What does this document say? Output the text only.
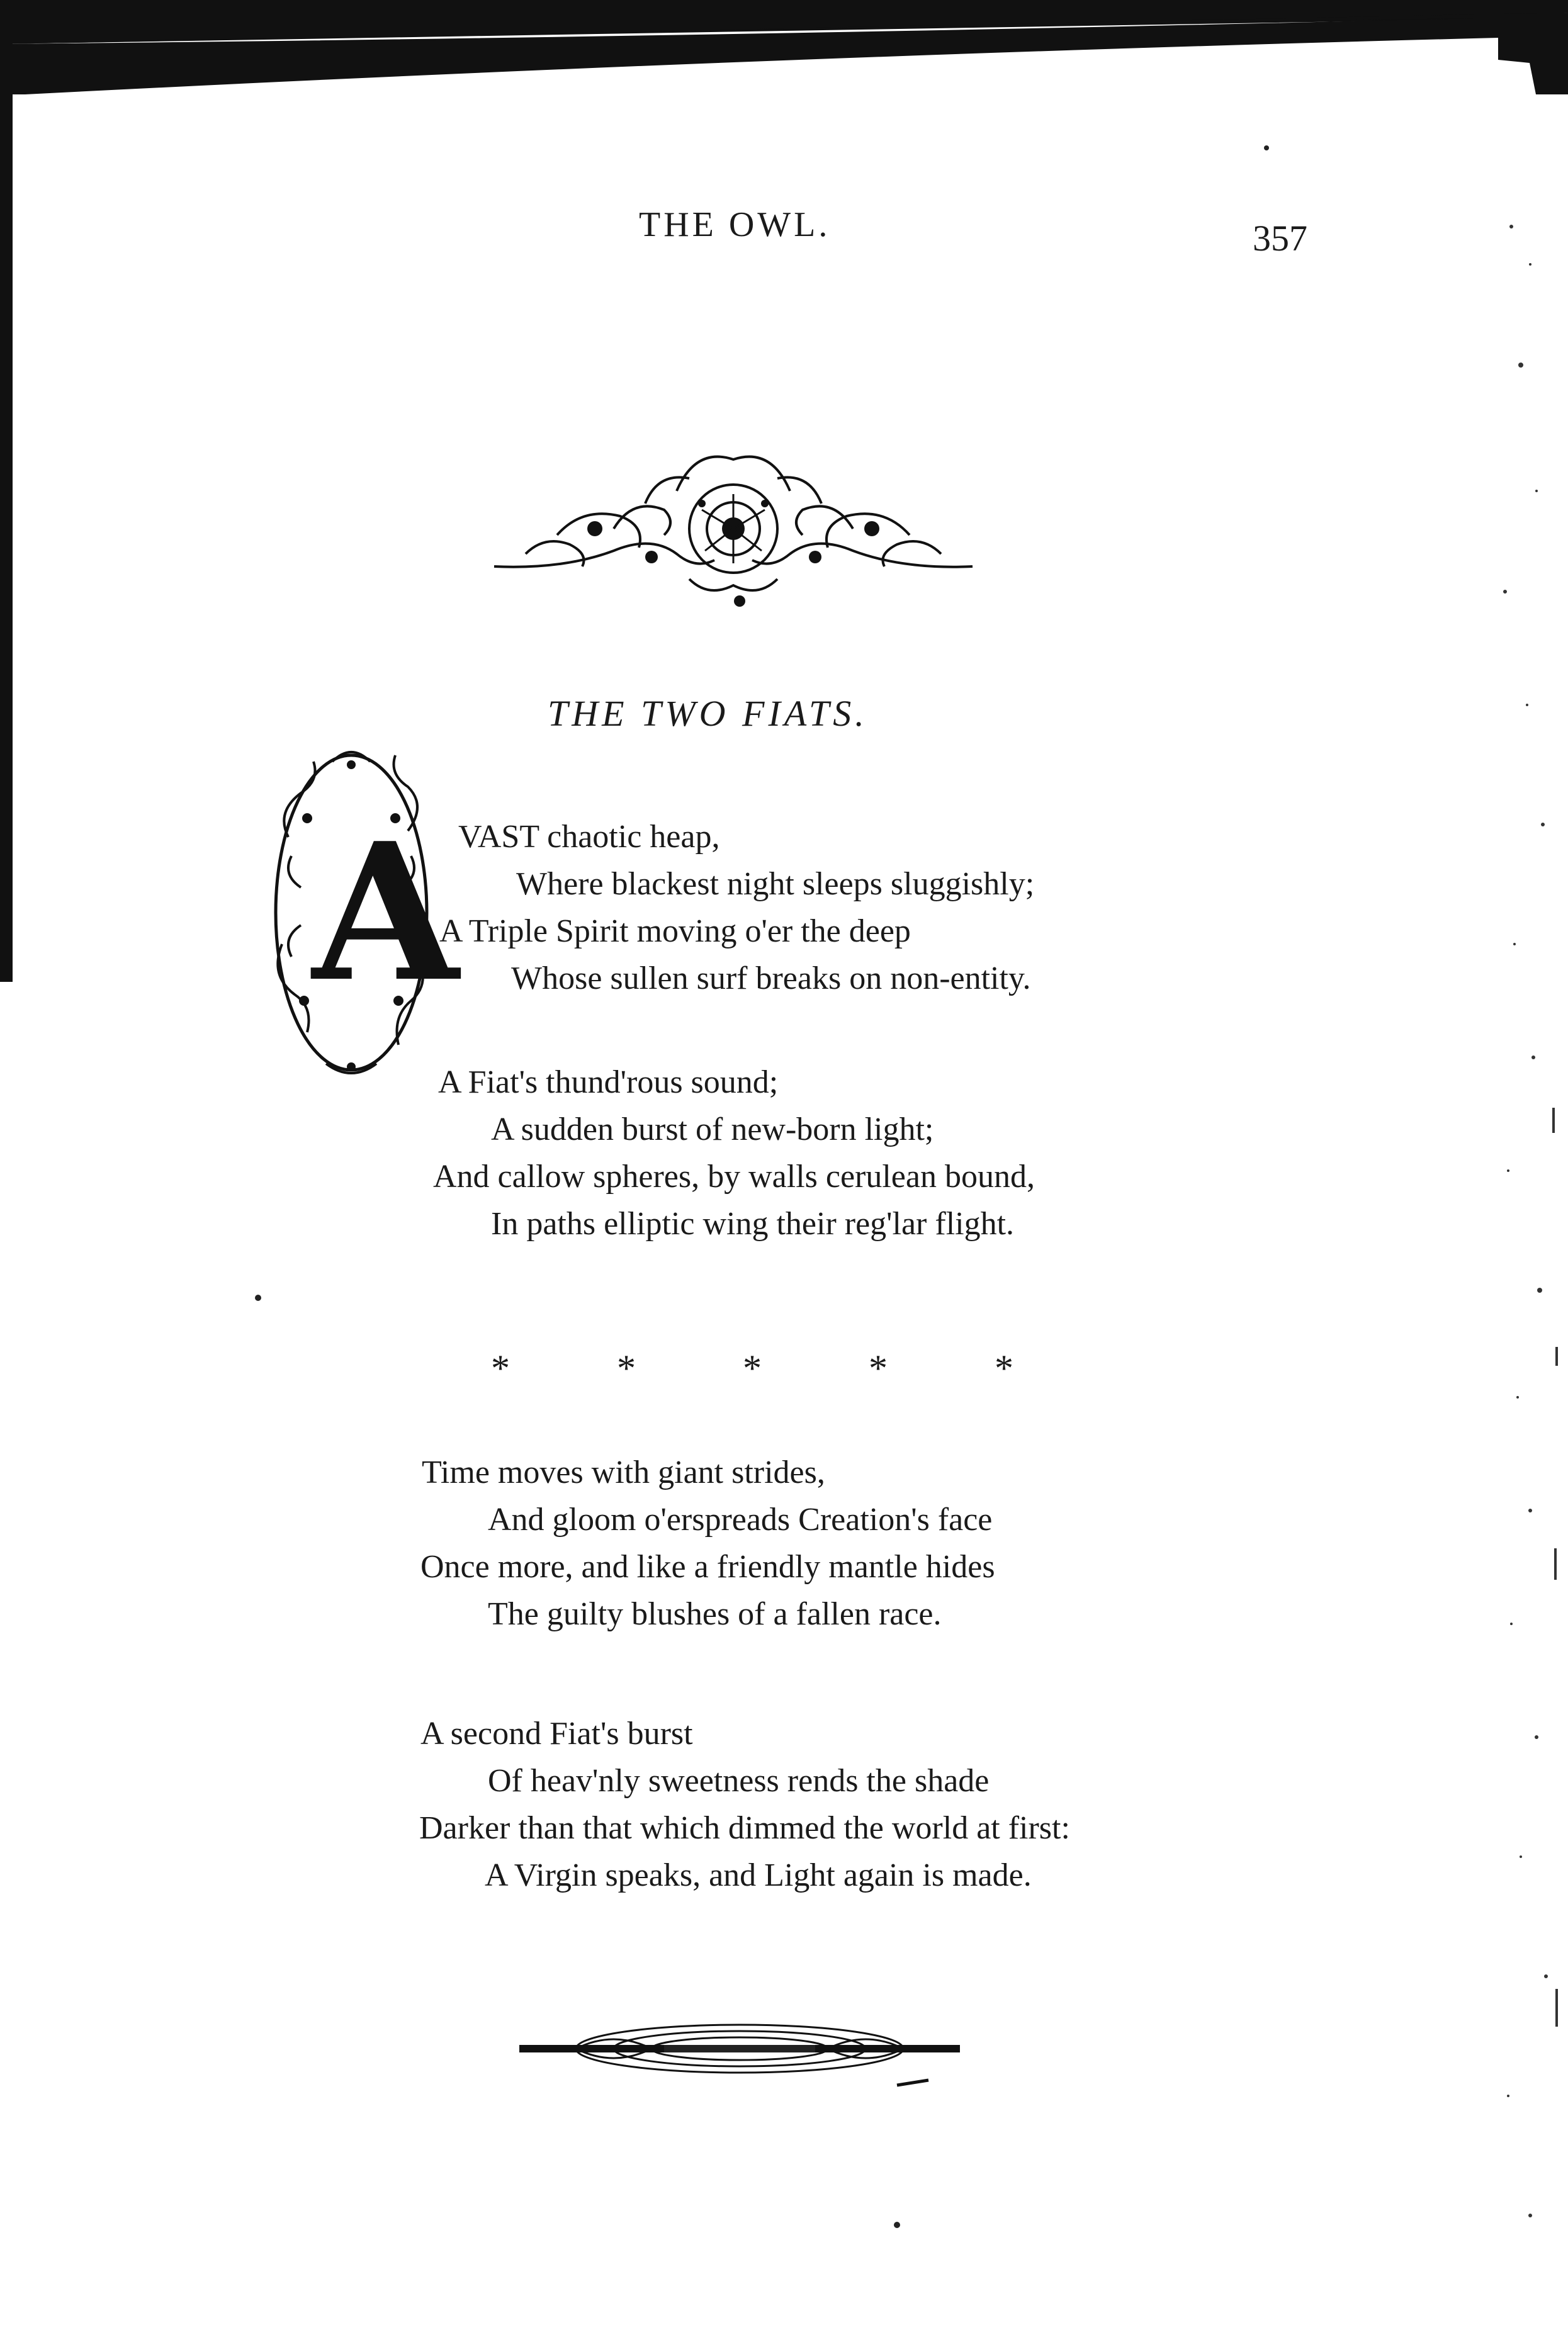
THE OWL.	357
THE TWO FIATS.
A VAST chaotic heap,
Where blackest night sleeps sluggishly;
A Triple Spirit moving o'er the deep
Whose sullen surf breaks on non-entity.
A Fiat's thund'rous sound;
A sudden burst of new-born light;
And callow spheres, by walls cerulean bound,
In paths elliptic wing their reg'lar flight.
*	*	*	*	*
Time moves with giant strides,
And gloom o'erspreads Creation's face
Once more, and like a friendly mantle hides
The guilty blushes of a fallen race.
A second Fiat's burst
Of heav'nly sweetness rends the shade
Darker than that which dimmed the world at first:
A Virgin speaks, and Light again is made.
